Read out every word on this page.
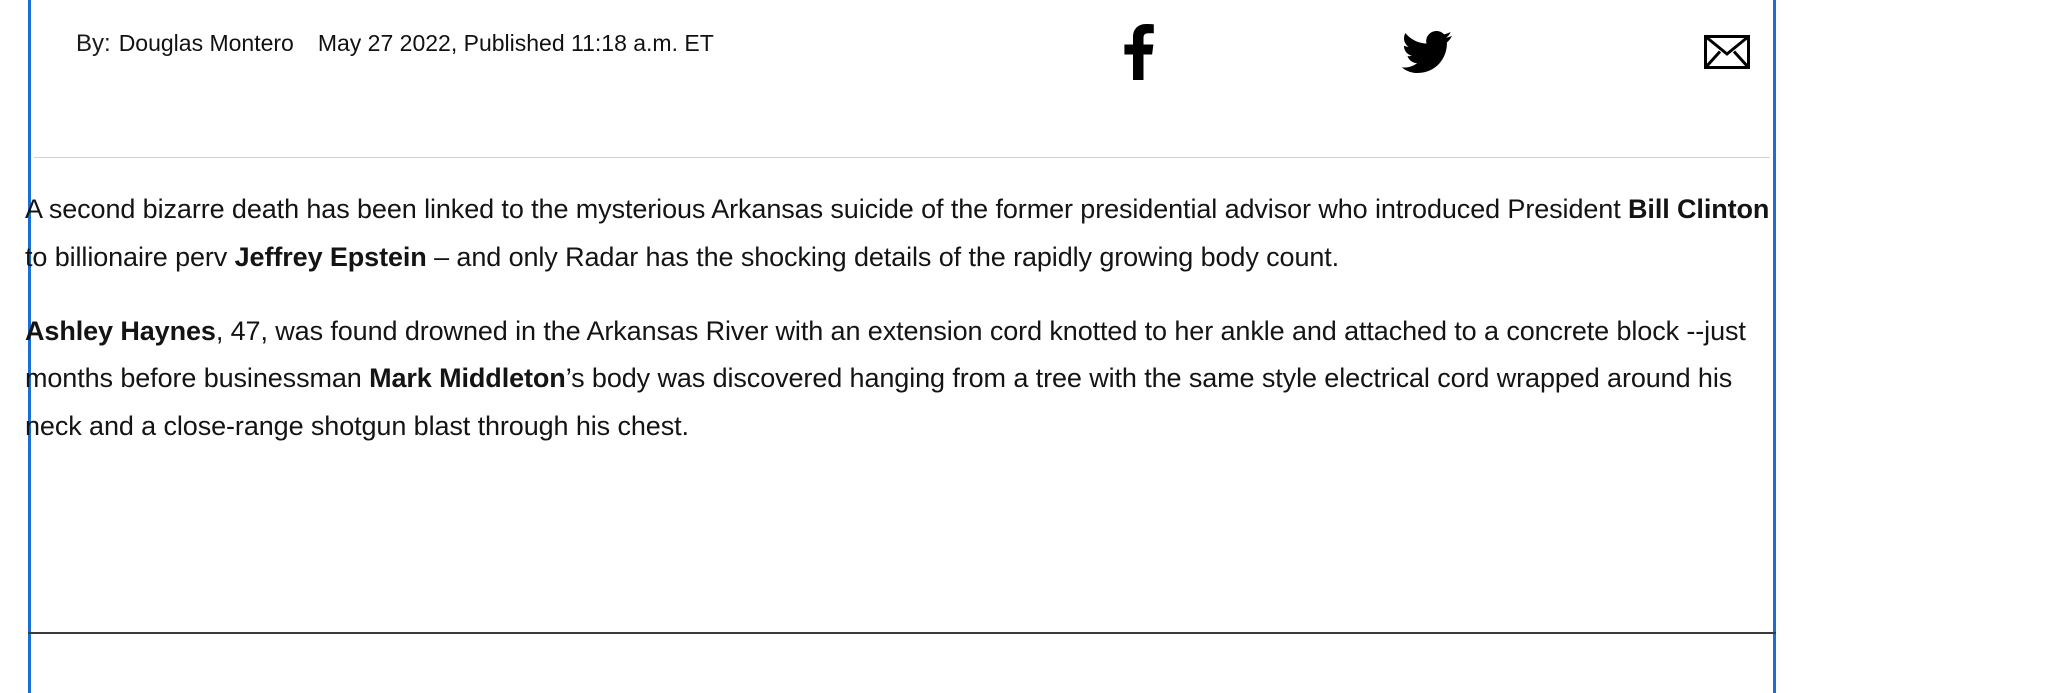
By: Douglas Montero May 27 2022, Published 11:18 a.m. ET

A second bizarre death has been linked to the mysterious Arkansas suicide of the former presidential advisor who introduced President Bill Clinton to billionaire perv Jeffrey Epstein – and only Radar has the shocking details of the rapidly growing body count.

Ashley Haynes, 47, was found drowned in the Arkansas River with an extension cord knotted to her ankle and attached to a concrete block --just months before businessman Mark Middleton’s body was discovered hanging from a tree with the same style electrical cord wrapped around his neck and a close-range shotgun blast through his chest.
